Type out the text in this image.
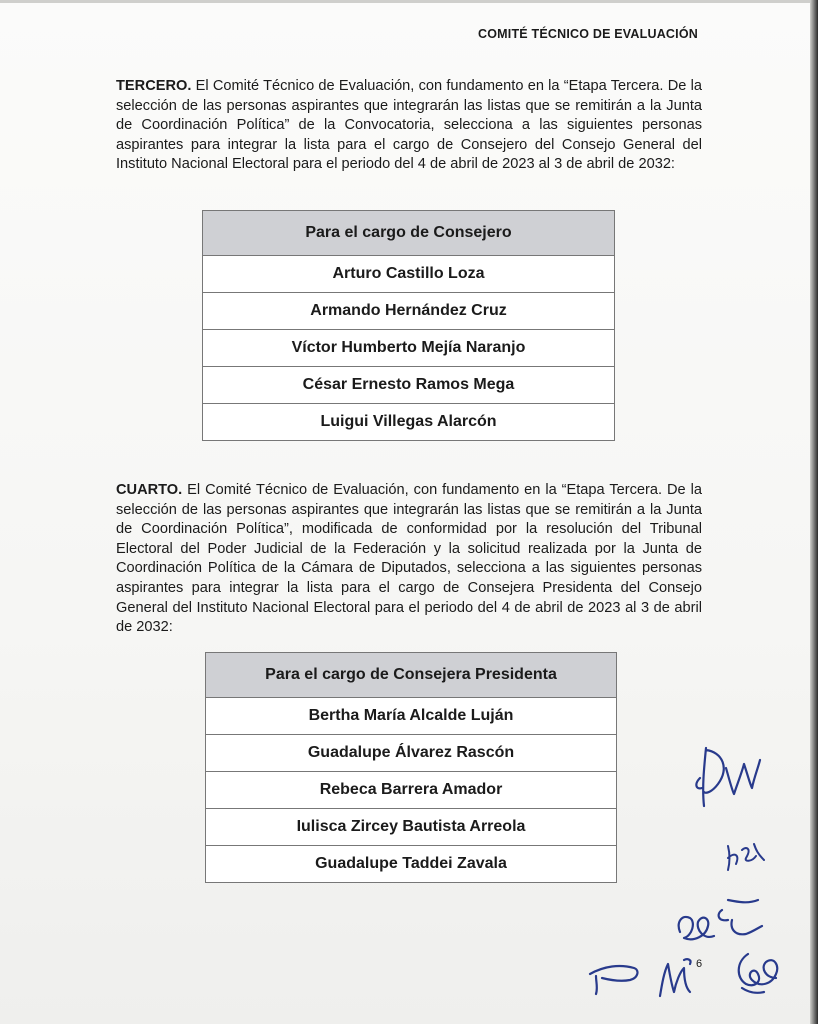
COMITÉ TÉCNICO DE EVALUACIÓN
TERCERO. El Comité Técnico de Evaluación, con fundamento en la “Etapa Tercera. De la selección de las personas aspirantes que integrarán las listas que se remitirán a la Junta de Coordinación Política” de la Convocatoria, selecciona a las siguientes personas aspirantes para integrar la lista para el cargo de Consejero del Consejo General del Instituto Nacional Electoral para el periodo del 4 de abril de 2023 al 3 de abril de 2032:
Para el cargo de Consejero
Arturo Castillo Loza
Armando Hernández Cruz
Víctor Humberto Mejía Naranjo
César Ernesto Ramos Mega
Luigui Villegas Alarcón
CUARTO. El Comité Técnico de Evaluación, con fundamento en la “Etapa Tercera. De la selección de las personas aspirantes que integrarán las listas que se remitirán a la Junta de Coordinación Política”, modificada de conformidad por la resolución del Tribunal Electoral del Poder Judicial de la Federación y la solicitud realizada por la Junta de Coordinación Política de la Cámara de Diputados, selecciona a las siguientes personas aspirantes para integrar la lista para el cargo de Consejera Presidenta del Consejo General del Instituto Nacional Electoral para el periodo del 4 de abril de 2023 al 3 de abril de 2032:
Para el cargo de Consejera Presidenta
Bertha María Alcalde Luján
Guadalupe Álvarez Rascón
Rebeca Barrera Amador
Iulisca Zircey Bautista Arreola
Guadalupe Taddei Zavala
6
